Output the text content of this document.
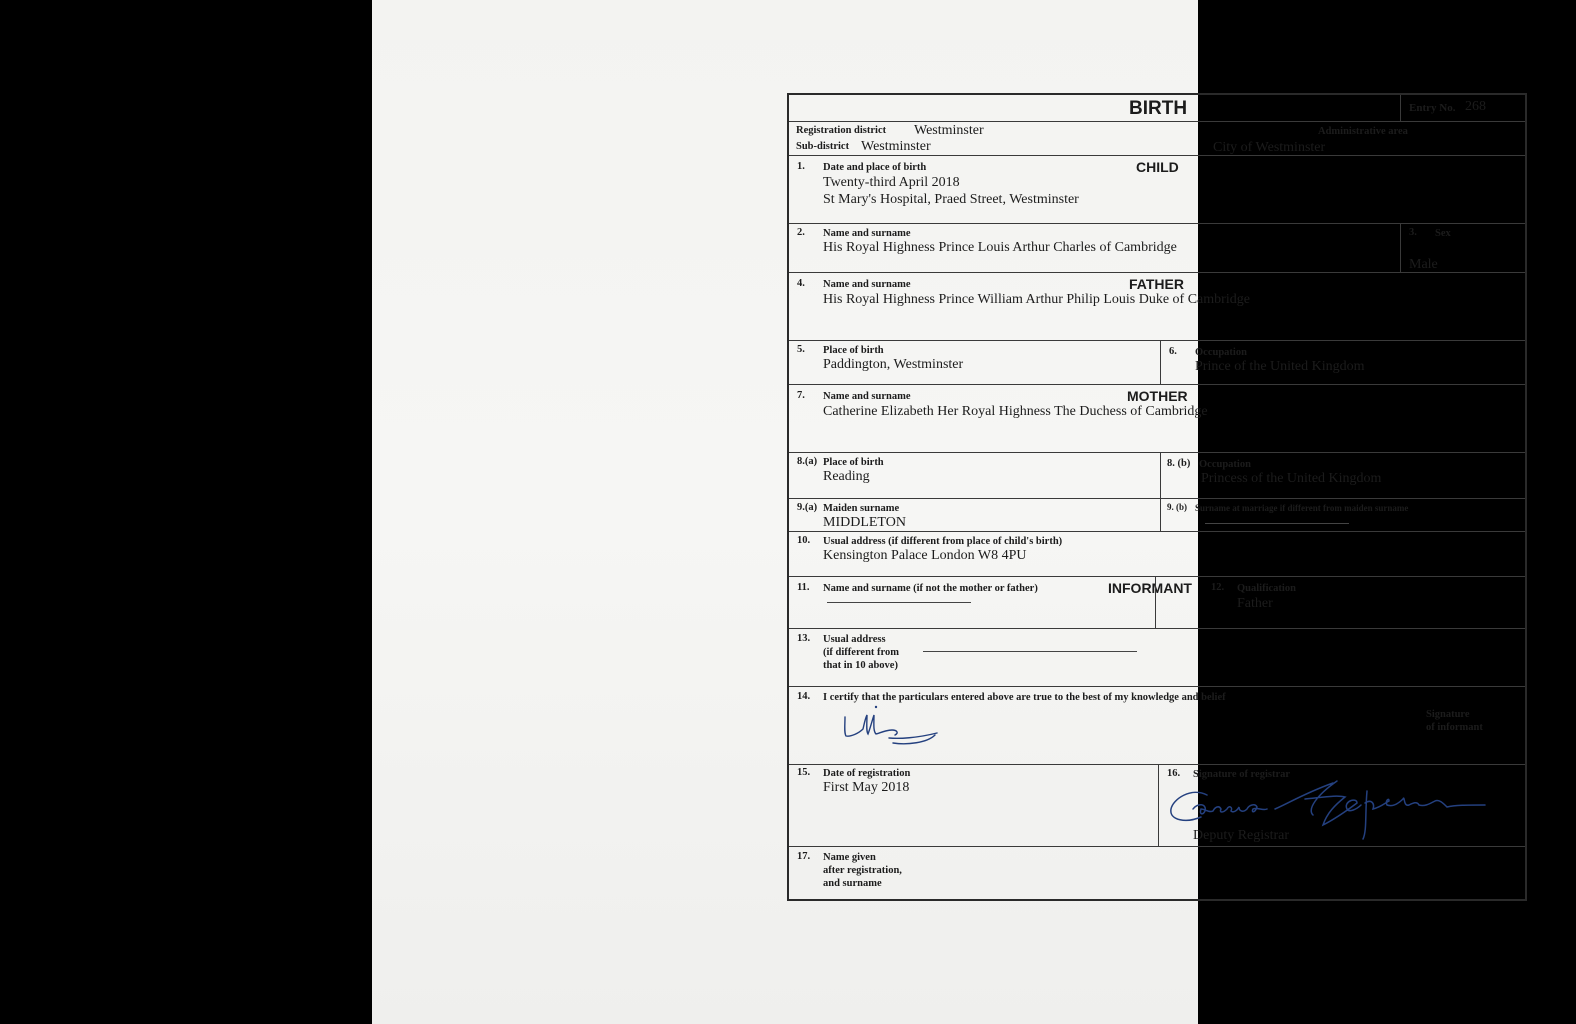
BIRTH	Entry No. 268
Registration district Westminster
Sub-district Westminster
Administrative area
City of Westminster
1. Date and place of birth	CHILD
Twenty-third April 2018
St Mary's Hospital, Praed Street, Westminster
2. Name and surname
His Royal Highness Prince Louis Arthur Charles of Cambridge
3. Sex
Male
4. Name and surname	FATHER
His Royal Highness Prince William Arthur Philip Louis Duke of Cambridge
5. Place of birth
Paddington, Westminster
6. Occupation
Prince of the United Kingdom
7. Name and surname	MOTHER
Catherine Elizabeth Her Royal Highness The Duchess of Cambridge
8.(a) Place of birth
Reading
8. (b) Occupation
Princess of the United Kingdom
9.(a) Maiden surname
MIDDLETON
9. (b) Surname at marriage if different from maiden surname
10. Usual address (if different from place of child's birth)
Kensington Palace London W8 4PU
11. Name and surname (if not the mother or father)	INFORMANT 12. Qualification
Father
13. Usual address
(if different from
that in 10 above)
14. I certify that the particulars entered above are true to the best of my knowledge and belief
Signature
of informant
15. Date of registration
First May 2018
16. Signature of registrar
Deputy Registrar
17. Name given
after registration,
and surname
